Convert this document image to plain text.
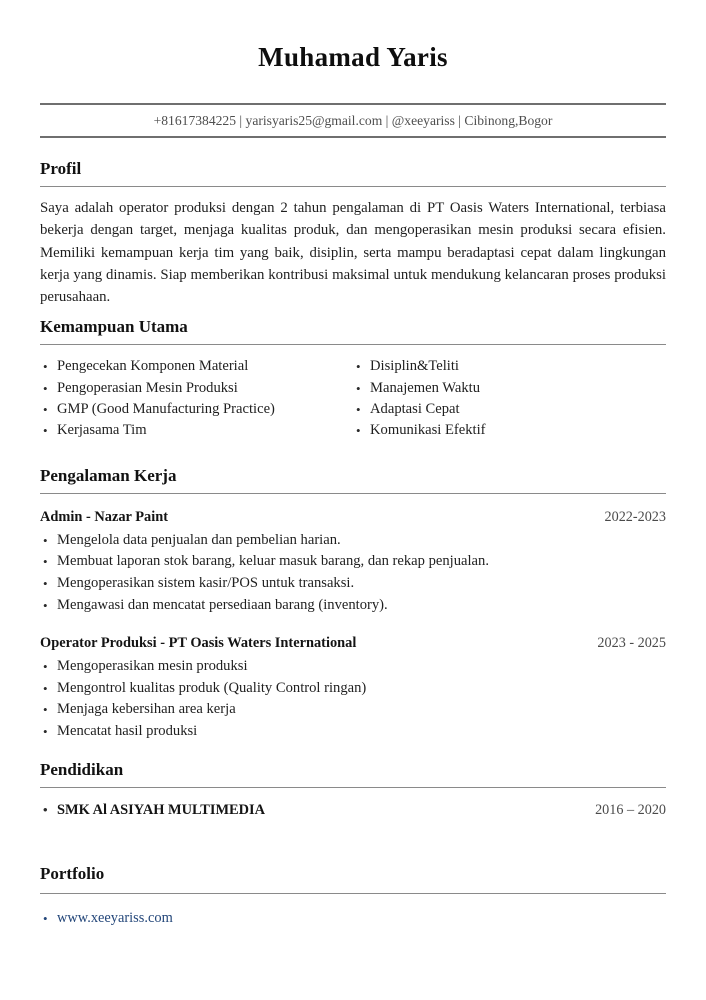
Muhamad Yaris
+81617384225 | yarisyaris25@gmail.com | @xeeyariss | Cibinong,Bogor
Profil

Saya adalah operator produksi dengan 2 tahun pengalaman di PT Oasis Waters International, terbiasa bekerja dengan target, menjaga kualitas produk, dan mengoperasikan mesin produksi secara efisien. Memiliki kemampuan kerja tim yang baik, disiplin, serta mampu beradaptasi cepat dalam lingkungan kerja yang dinamis. Siap memberikan kontribusi maksimal untuk mendukung kelancaran proses produksi perusahaan.

Kemampuan Utama
• Pengecekan Komponen Material
• Pengoperasian Mesin Produksi
• GMP (Good Manufacturing Practice)
• Kerjasama Tim
• Disiplin&Teliti
• Manajemen Waktu
• Adaptasi Cepat
• Komunikasi Efektif
Pengalaman Kerja
Admin - Nazar Paint	2022-2023
• Mengelola data penjualan dan pembelian harian.
• Membuat laporan stok barang, keluar masuk barang, dan rekap penjualan.
• Mengoperasikan sistem kasir/POS untuk transaksi.
• Mengawasi dan mencatat persediaan barang (inventory).
Operator Produksi - PT Oasis Waters International	2023 - 2025
• Mengoperasikan mesin produksi
• Mengontrol kualitas produk (Quality Control ringan)
• Menjaga kebersihan area kerja
• Mencatat hasil produksi
Pendidikan
• SMK Al ASIYAH MULTIMEDIA	2016 – 2020
Portfolio
• www.xeeyariss.com
